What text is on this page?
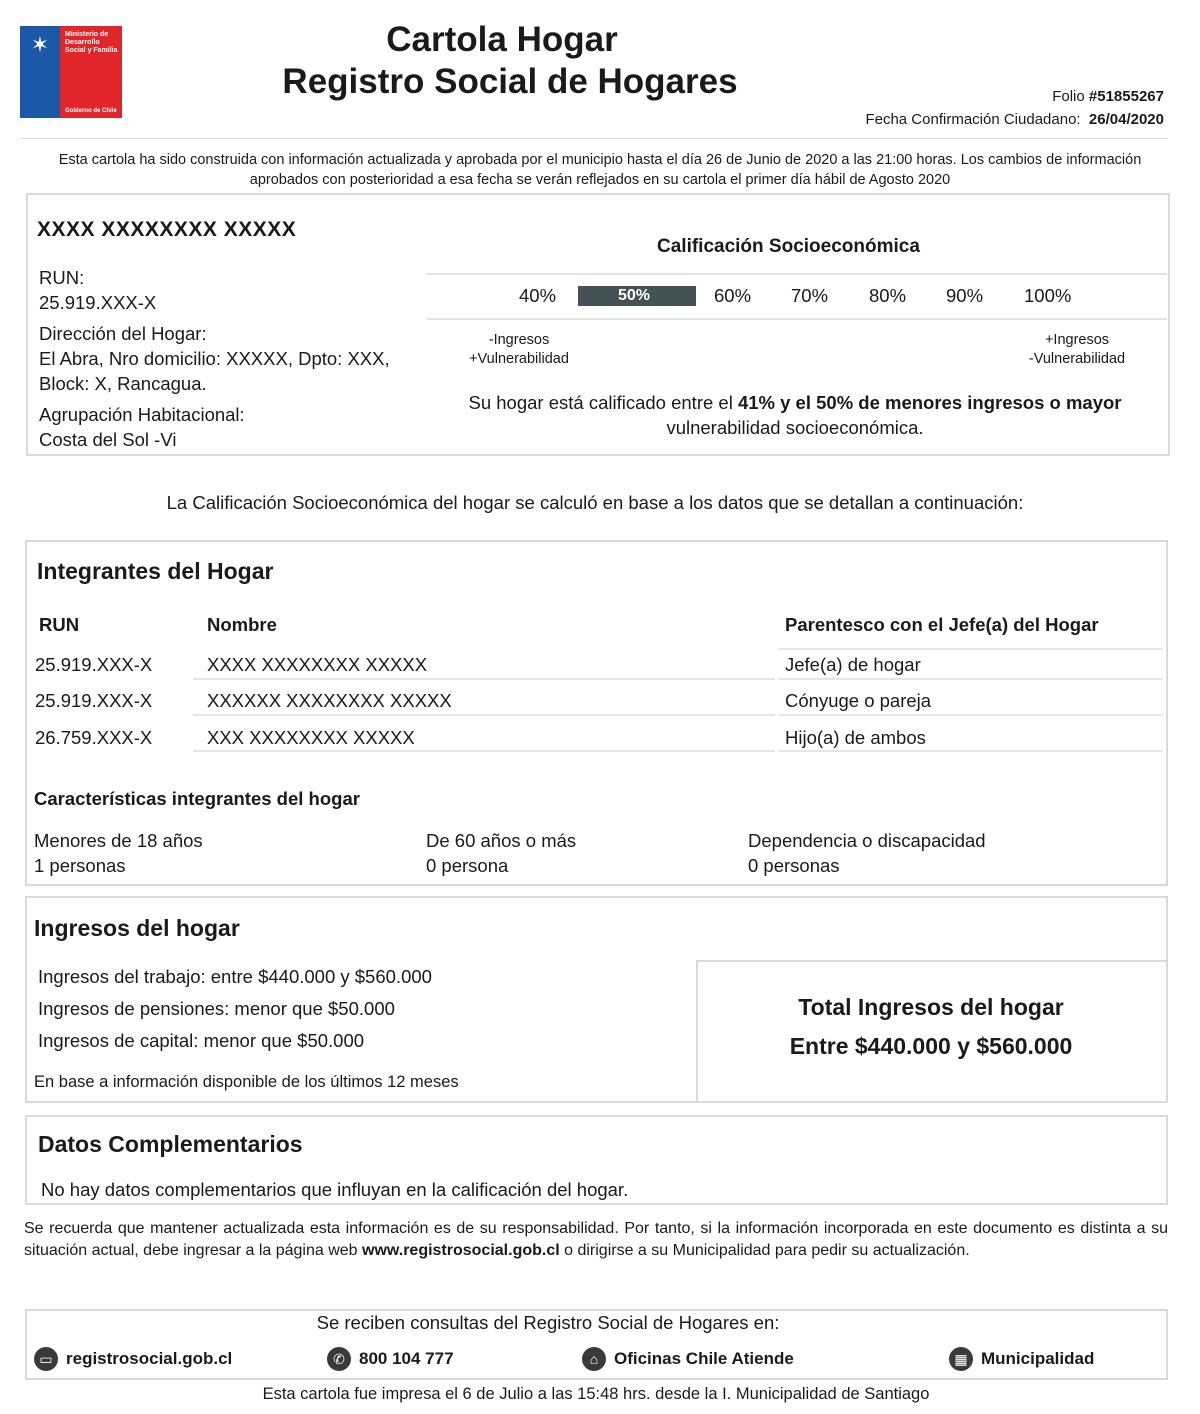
✶	Ministerio de Desarrollo Social y Familia
Gobierno de Chile
Cartola Hogar
Registro Social de Hogares	Folio #51855267
Fecha Confirmación Ciudadano: 26/04/2020
Esta cartola ha sido construida con información actualizada y aprobada por el municipio hasta el día 26 de Junio de 2020 a las 21:00 horas. Los cambios de información aprobados con posterioridad a esa fecha se verán reflejados en su cartola el primer día hábil de Agosto 2020
XXXX XXXXXXXX XXXXX
RUN:
25.919.XXX-X
Dirección del Hogar:
El Abra, Nro domicilio: XXXXX, Dpto: XXX,
Block: X, Rancagua.
Agrupación Habitacional:
Costa del Sol -Vi
Calificación Socioeconómica
40%	50%	60% 70% 80% 90% 100%
-Ingresos
+Vulnerabilidad
+Ingresos
-Vulnerabilidad
Su hogar está calificado entre el 41% y el 50% de menores ingresos o mayor
vulnerabilidad socioeconómica.
La Calificación Socioeconómica del hogar se calculó en base a los datos que se detallan a continuación:
Integrantes del Hogar
RUN	Nombre	Parentesco con el Jefe(a) del Hogar
25.919.XXX-X	XXXX XXXXXXXX XXXXX	Jefe(a) de hogar
25.919.XXX-X	XXXXXX XXXXXXXX XXXXX	Cónyuge o pareja
26.759.XXX-X	XXX XXXXXXXX XXXXX	Hijo(a) de ambos
Características integrantes del hogar
Menores de 18 años
1 personas
De 60 años o más
0 persona
Dependencia o discapacidad
0 personas
Ingresos del hogar
Ingresos del trabajo: entre $440.000 y $560.000
Ingresos de pensiones: menor que $50.000
Ingresos de capital: menor que $50.000
En base a información disponible de los últimos 12 meses
Total Ingresos del hogar
Entre $440.000 y $560.000
Datos Complementarios
No hay datos complementarios que influyan en la calificación del hogar.
Se recuerda que mantener actualizada esta información es de su responsabilidad. Por tanto, si la información incorporada en este documento es distinta a su situación actual, debe ingresar a la página web www.registrosocial.gob.cl o dirigirse a su Municipalidad para pedir su actualización.
Se reciben consultas del Registro Social de Hogares en:
▭ registrosocial.gob.cl	✆ 800 104 777	⌂ Oficinas Chile Atiende	▦ Municipalidad
Esta cartola fue impresa el 6 de Julio a las 15:48 hrs. desde la I. Municipalidad de Santiago
